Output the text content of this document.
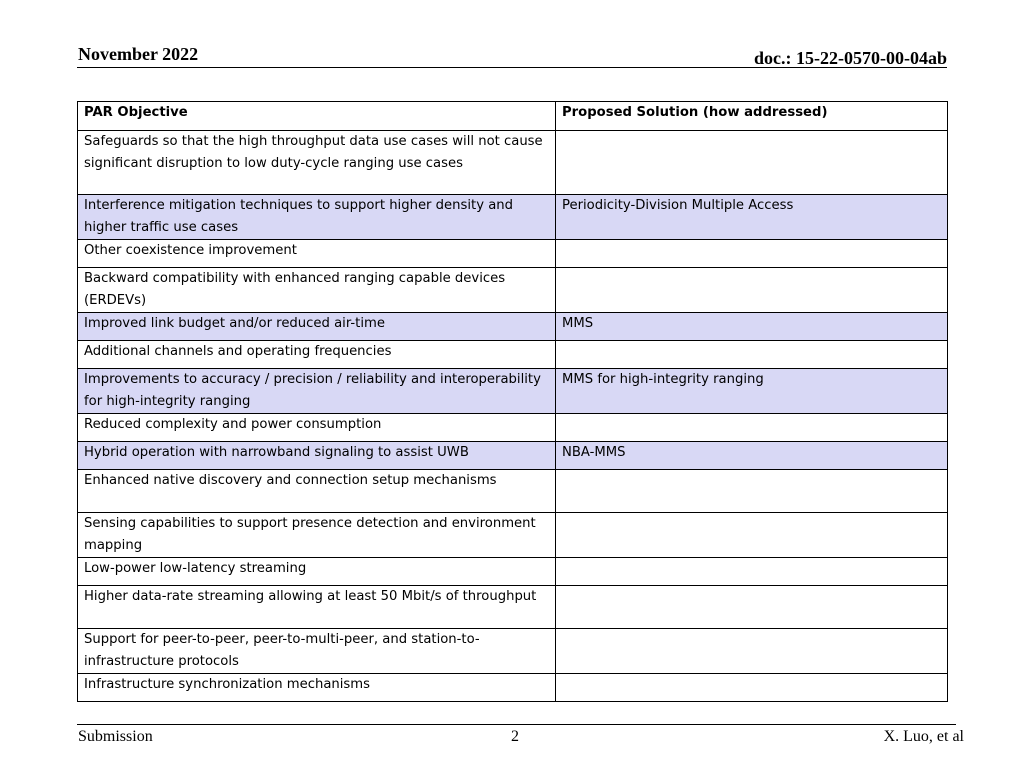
November 2022	doc.: 15-22-0570-00-04ab
PAR Objective	Proposed Solution (how addressed)
Safeguards so that the high throughput data use cases will not cause significant disruption to low duty-cycle ranging use cases	
Interference mitigation techniques to support higher density and higher traffic use cases	Periodicity-Division Multiple Access
Other coexistence improvement	
Backward compatibility with enhanced ranging capable devices (ERDEVs)	
Improved link budget and/or reduced air-time	MMS
Additional channels and operating frequencies	
Improvements to accuracy / precision / reliability and interoperability for high-integrity ranging	MMS for high-integrity ranging
Reduced complexity and power consumption	
Hybrid operation with narrowband signaling to assist UWB	NBA-MMS
Enhanced native discovery and connection setup mechanisms	
Sensing capabilities to support presence detection and environment mapping	
Low-power low-latency streaming	
Higher data-rate streaming allowing at least 50 Mbit/s of throughput	
Support for peer-to-peer, peer-to-multi-peer, and station-to-infrastructure protocols	
Infrastructure synchronization mechanisms	
Submission	2	X. Luo, et al
